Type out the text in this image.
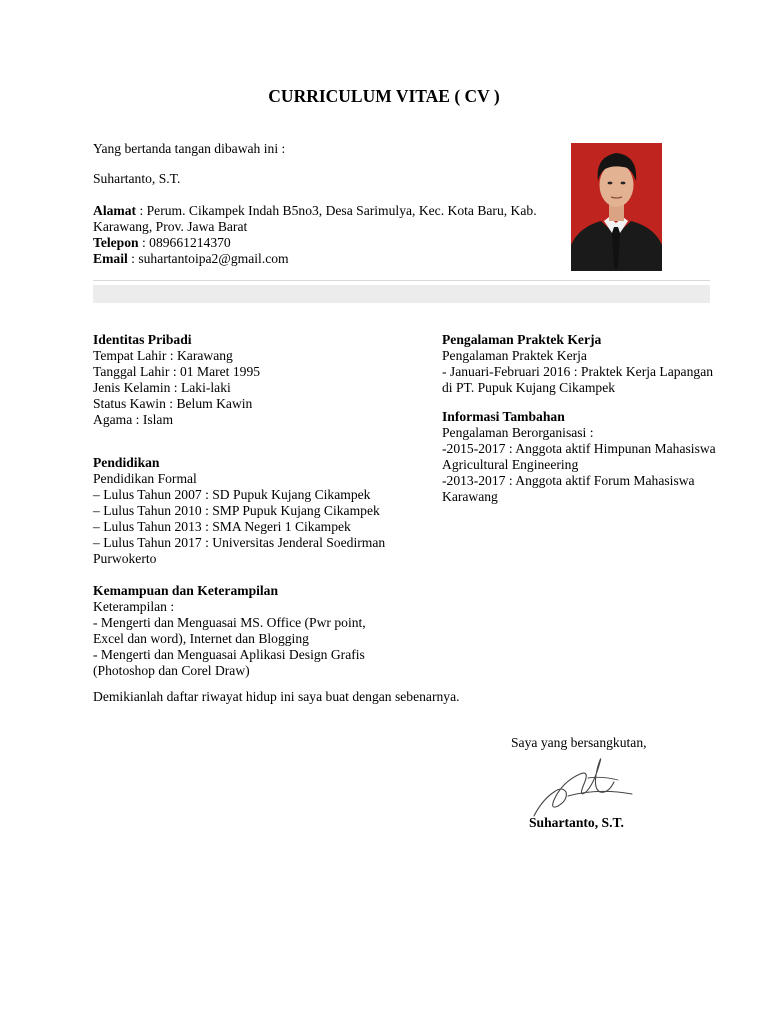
CURRICULUM VITAE ( CV )
Yang bertanda tangan dibawah ini :
Suhartanto, S.T.
Alamat : Perum. Cikampek Indah B5no3, Desa Sarimulya, Kec. Kota Baru, Kab. Karawang, Prov. Jawa Barat
Telepon : 089661214370
Email : suhartantoipa2@gmail.com
Identitas Pribadi
Tempat Lahir : Karawang
Tanggal Lahir : 01 Maret 1995
Jenis Kelamin : Laki-laki
Status Kawin : Belum Kawin
Agama : Islam
Pendidikan
Pendidikan Formal
– Lulus Tahun 2007 : SD Pupuk Kujang Cikampek
– Lulus Tahun 2010 : SMP Pupuk Kujang Cikampek
– Lulus Tahun 2013 : SMA Negeri 1 Cikampek
– Lulus Tahun 2017 : Universitas Jenderal Soedirman
Purwokerto
Kemampuan dan Keterampilan
Keterampilan :
- Mengerti dan Menguasai MS. Office (Pwr point,
Excel dan word), Internet dan Blogging
- Mengerti dan Menguasai Aplikasi Design Grafis
(Photoshop dan Corel Draw)
Pengalaman Praktek Kerja
Pengalaman Praktek Kerja
- Januari-Februari 2016 : Praktek Kerja Lapangan
di PT. Pupuk Kujang Cikampek
Informasi Tambahan
Pengalaman Berorganisasi :
-2015-2017 : Anggota aktif Himpunan Mahasiswa
Agricultural Engineering
-2013-2017 : Anggota aktif Forum Mahasiswa
Karawang
Demikianlah daftar riwayat hidup ini saya buat dengan sebenarnya.
Saya yang bersangkutan,
Suhartanto, S.T.
